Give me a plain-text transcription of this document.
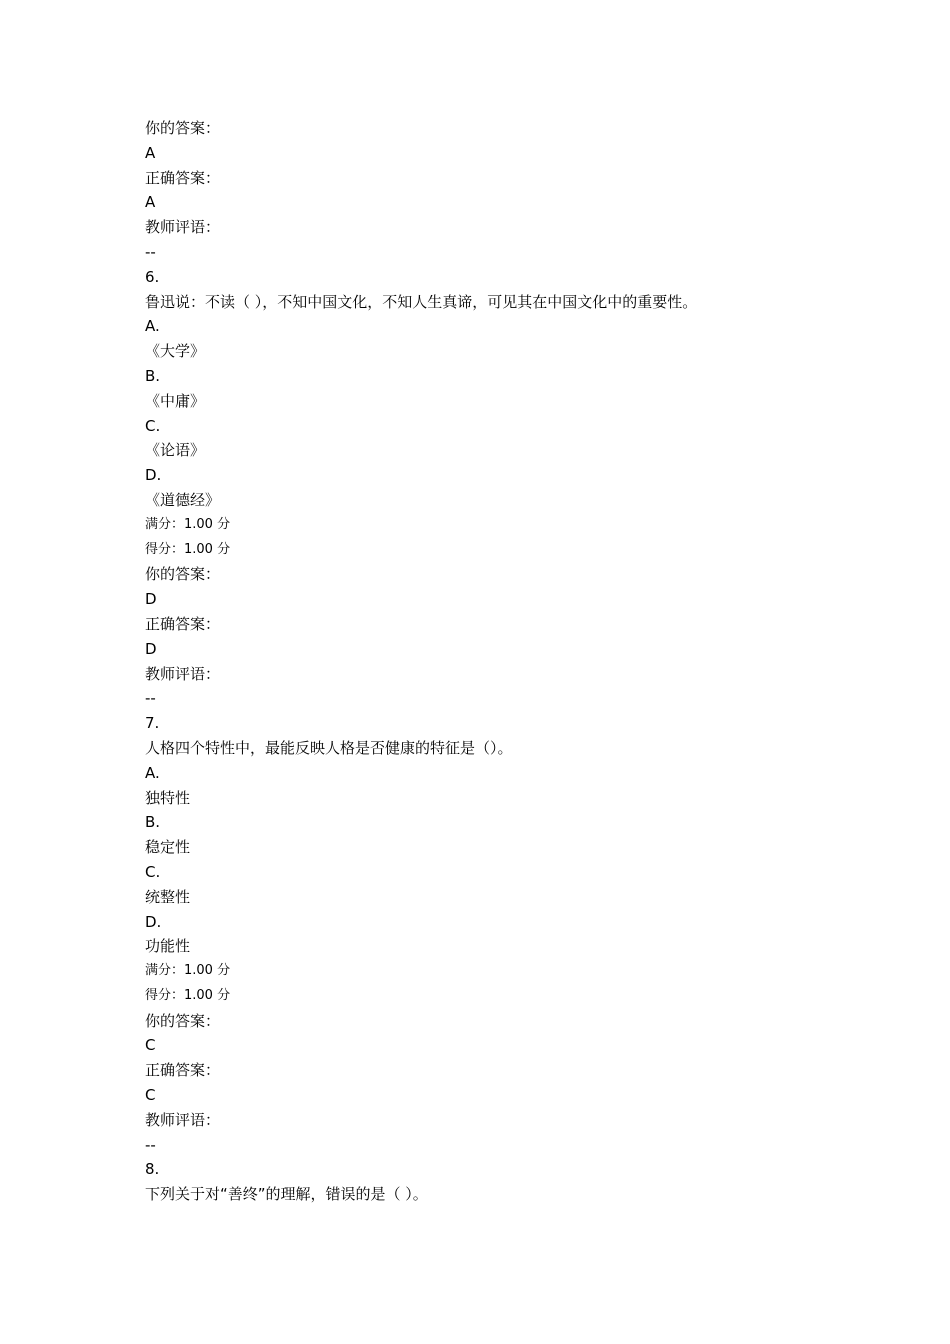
你的答案：
A
正确答案：
A
教师评语：
--
6.
鲁迅说：不读（ ），不知中国文化，不知人生真谛，可见其在中国文化中的重要性。
A.
《大学》
B.
《中庸》
C.
《论语》
D.
《道德经》
满分：1.00 分
得分：1.00 分
你的答案：
D
正确答案：
D
教师评语：
--
7.
人格四个特性中，最能反映人格是否健康的特征是（）。
A.
独特性
B.
稳定性
C.
统整性
D.
功能性
满分：1.00 分
得分：1.00 分
你的答案：
C
正确答案：
C
教师评语：
--
8.
下列关于对“善终”的理解，错误的是（ ）。
